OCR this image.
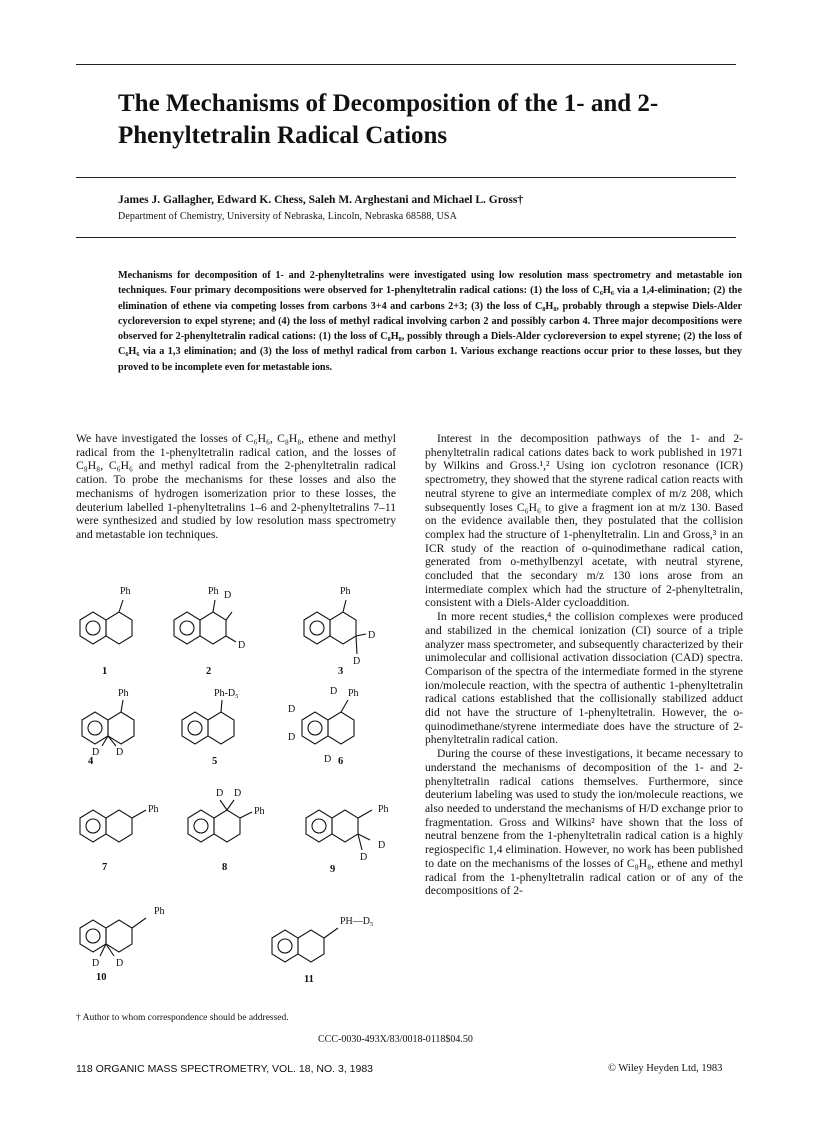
The Mechanisms of Decomposition of the 1- and 2-Phenyltetralin Radical Cations
James J. Gallagher, Edward K. Chess, Saleh M. Arghestani and Michael L. Gross†
Department of Chemistry, University of Nebraska, Lincoln, Nebraska 68588, USA

Mechanisms for decomposition of 1- and 2-phenyltetralins were investigated using low resolution mass spectrometry and metastable ion techniques. Four primary decompositions were observed for 1-phenyltetralin radical cations: (1) the loss of C₆H₆ via a 1,4-elimination; (2) the elimination of ethene via competing losses from carbons 3+4 and carbons 2+3; (3) the loss of C₈H₈, probably through a stepwise Diels-Alder cycloreversion to expel styrene; and (4) the loss of methyl radical involving carbon 2 and possibly carbon 4. Three major decompositions were observed for 2-phenyltetralin radical cations: (1) the loss of C₈H₈, possibly through a Diels-Alder cycloreversion to expel styrene; (2) the loss of C₆H₆ via a 1,3 elimination; and (3) the loss of methyl radical from carbon 1. Various exchange reactions occur prior to these losses, but they proved to be incomplete even for metastable ions.

We have investigated the losses of C₆H₆, C₈H₈, ethene and methyl radical from the 1-phenyltetralin radical cation, and the losses of C₈H₈, C₆H₆ and methyl radical from the 2-phenyltetralin radical cation. To probe the mechanisms for these losses and also the mechanisms of hydrogen isomerization prior to these losses, the deuterium labelled 1-phenyltetralins 1–6 and 2-phenyltetralins 7–11 were synthesized and studied by low resolution mass spectrometry and metastable ion techniques.

Ph	Ph D
D
Ph
D
D
Ph
D D
Ph-D₅	D Ph
D
D
D
Ph
D D
Ph	Ph
D
D
Ph
D D
PH—D₅
1	2	3
4	5	6
7	8	9
10	11

Interest in the decomposition pathways of the 1- and 2-phenyltetralin radical cations dates back to work published in 1971 by Wilkins and Gross.¹,² Using ion cyclotron resonance (ICR) spectrometry, they showed that the styrene radical cation reacts with neutral styrene to give an intermediate complex of m/z 208, which subsequently loses C₆H₆ to give a fragment ion at m/z 130. Based on the evidence available then, they postulated that the collision complex had the structure of 1-phenyltetralin. Lin and Gross,³ in an ICR study of the reaction of o-quinodimethane radical cation, generated from o-methylbenzyl acetate, with neutral styrene, concluded that the secondary m/z 130 ions arose from an intermediate complex which had the structure of 2-phenyltetralin, consistent with a Diels-Alder cycloaddition.

In more recent studies,⁴ the collision complexes were produced and stabilized in the chemical ionization (CI) source of a triple analyzer mass spectrometer, and subsequently characterized by their unimolecular and collisional activation dissociation (CAD) spectra. Comparison of the spectra of the intermediate formed in the styrene ion/molecule reaction, with the spectra of authentic 1-phenyltetralin radical cations established that the collisionally stabilized adduct did not have the structure of 1-phenyltetralin. However, the o-quinodimethane/styrene intermediate does have the structure of 2-phenyltetralin radical cation.

During the course of these investigations, it became necessary to understand the mechanisms of decomposition of the 1- and 2-phenyltetralin radical cations themselves. Furthermore, since deuterium labeling was used to study the ion/molecule reactions, we also needed to understand the mechanisms of H/D exchange prior to fragmentation. Gross and Wilkins² have shown that the loss of neutral benzene from the 1-phenyltetralin radical cation is a highly regiospecific 1,4 elimination. However, no work has been published to date on the mechanisms of the losses of C₈H₈, ethene and methyl radical from the 1-phenyltetralin radical cation or of any of the decompositions of 2-

† Author to whom correspondence should be addressed.
CCC-0030-493X/83/0018-0118$04.50
118 ORGANIC MASS SPECTROMETRY, VOL. 18, NO. 3, 1983	© Wiley Heyden Ltd, 1983
